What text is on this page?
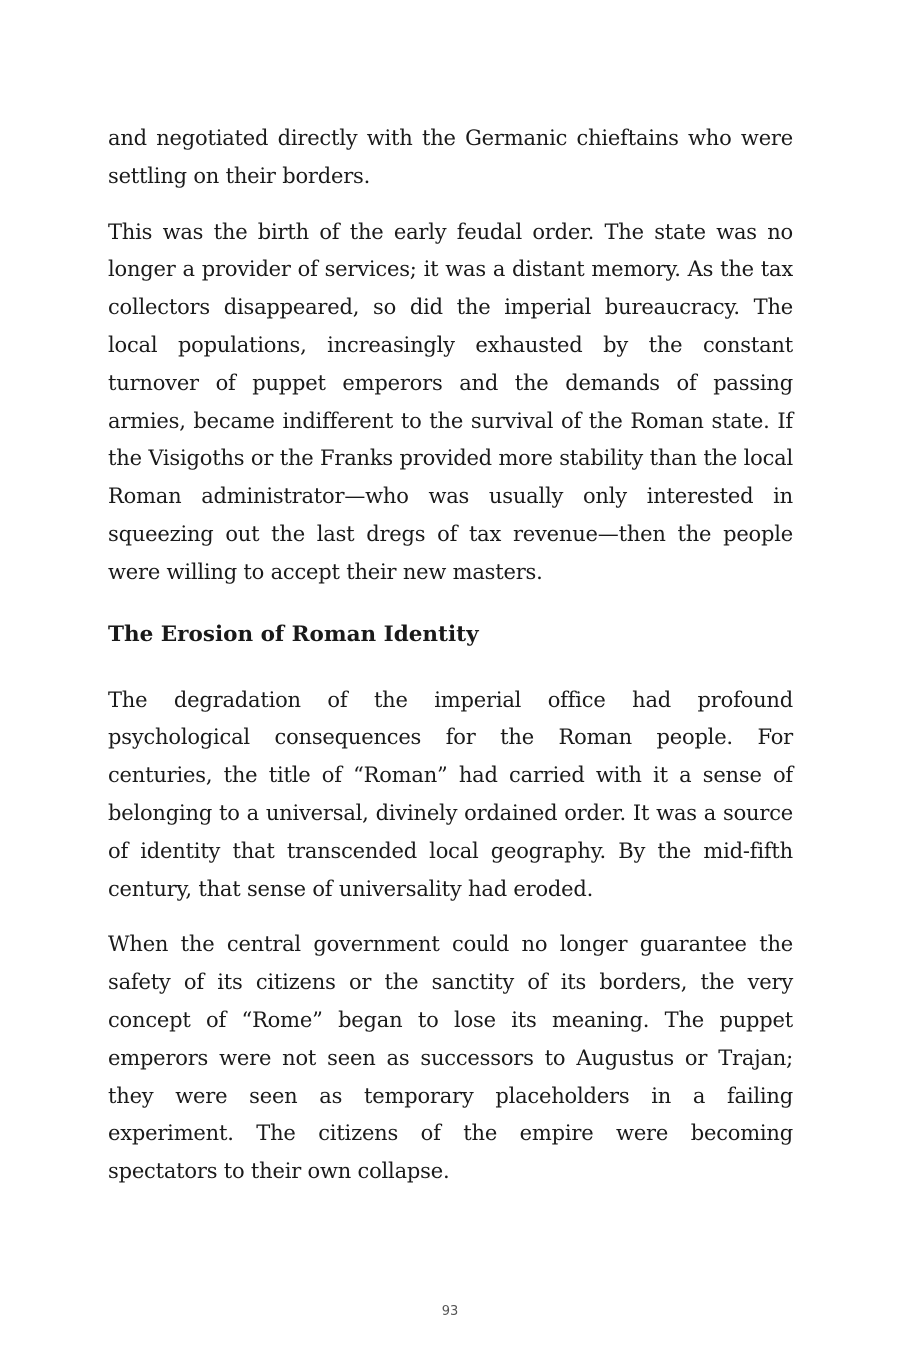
and negotiated directly with the Germanic chieftains who were settling on their borders.

This was the birth of the early feudal order. The state was no longer a provider of services; it was a distant memory. As the tax collectors disappeared, so did the imperial bureaucracy. The local populations, increasingly exhausted by the constant turnover of puppet emperors and the demands of passing armies, became indifferent to the survival of the Roman state. If the Visigoths or the Franks provided more stability than the local Roman administrator—who was usually only interested in squeezing out the last dregs of tax revenue—then the people were willing to accept their new masters.

The Erosion of Roman Identity

The degradation of the imperial office had profound psychological consequences for the Roman people. For centuries, the title of “Roman” had carried with it a sense of belonging to a universal, divinely ordained order. It was a source of identity that transcended local geography. By the mid-fifth century, that sense of universality had eroded.

When the central government could no longer guarantee the safety of its citizens or the sanctity of its borders, the very concept of “Rome” began to lose its meaning. The puppet emperors were not seen as successors to Augustus or Trajan; they were seen as temporary placeholders in a failing experiment. The citizens of the empire were becoming spectators to their own collapse.

93
